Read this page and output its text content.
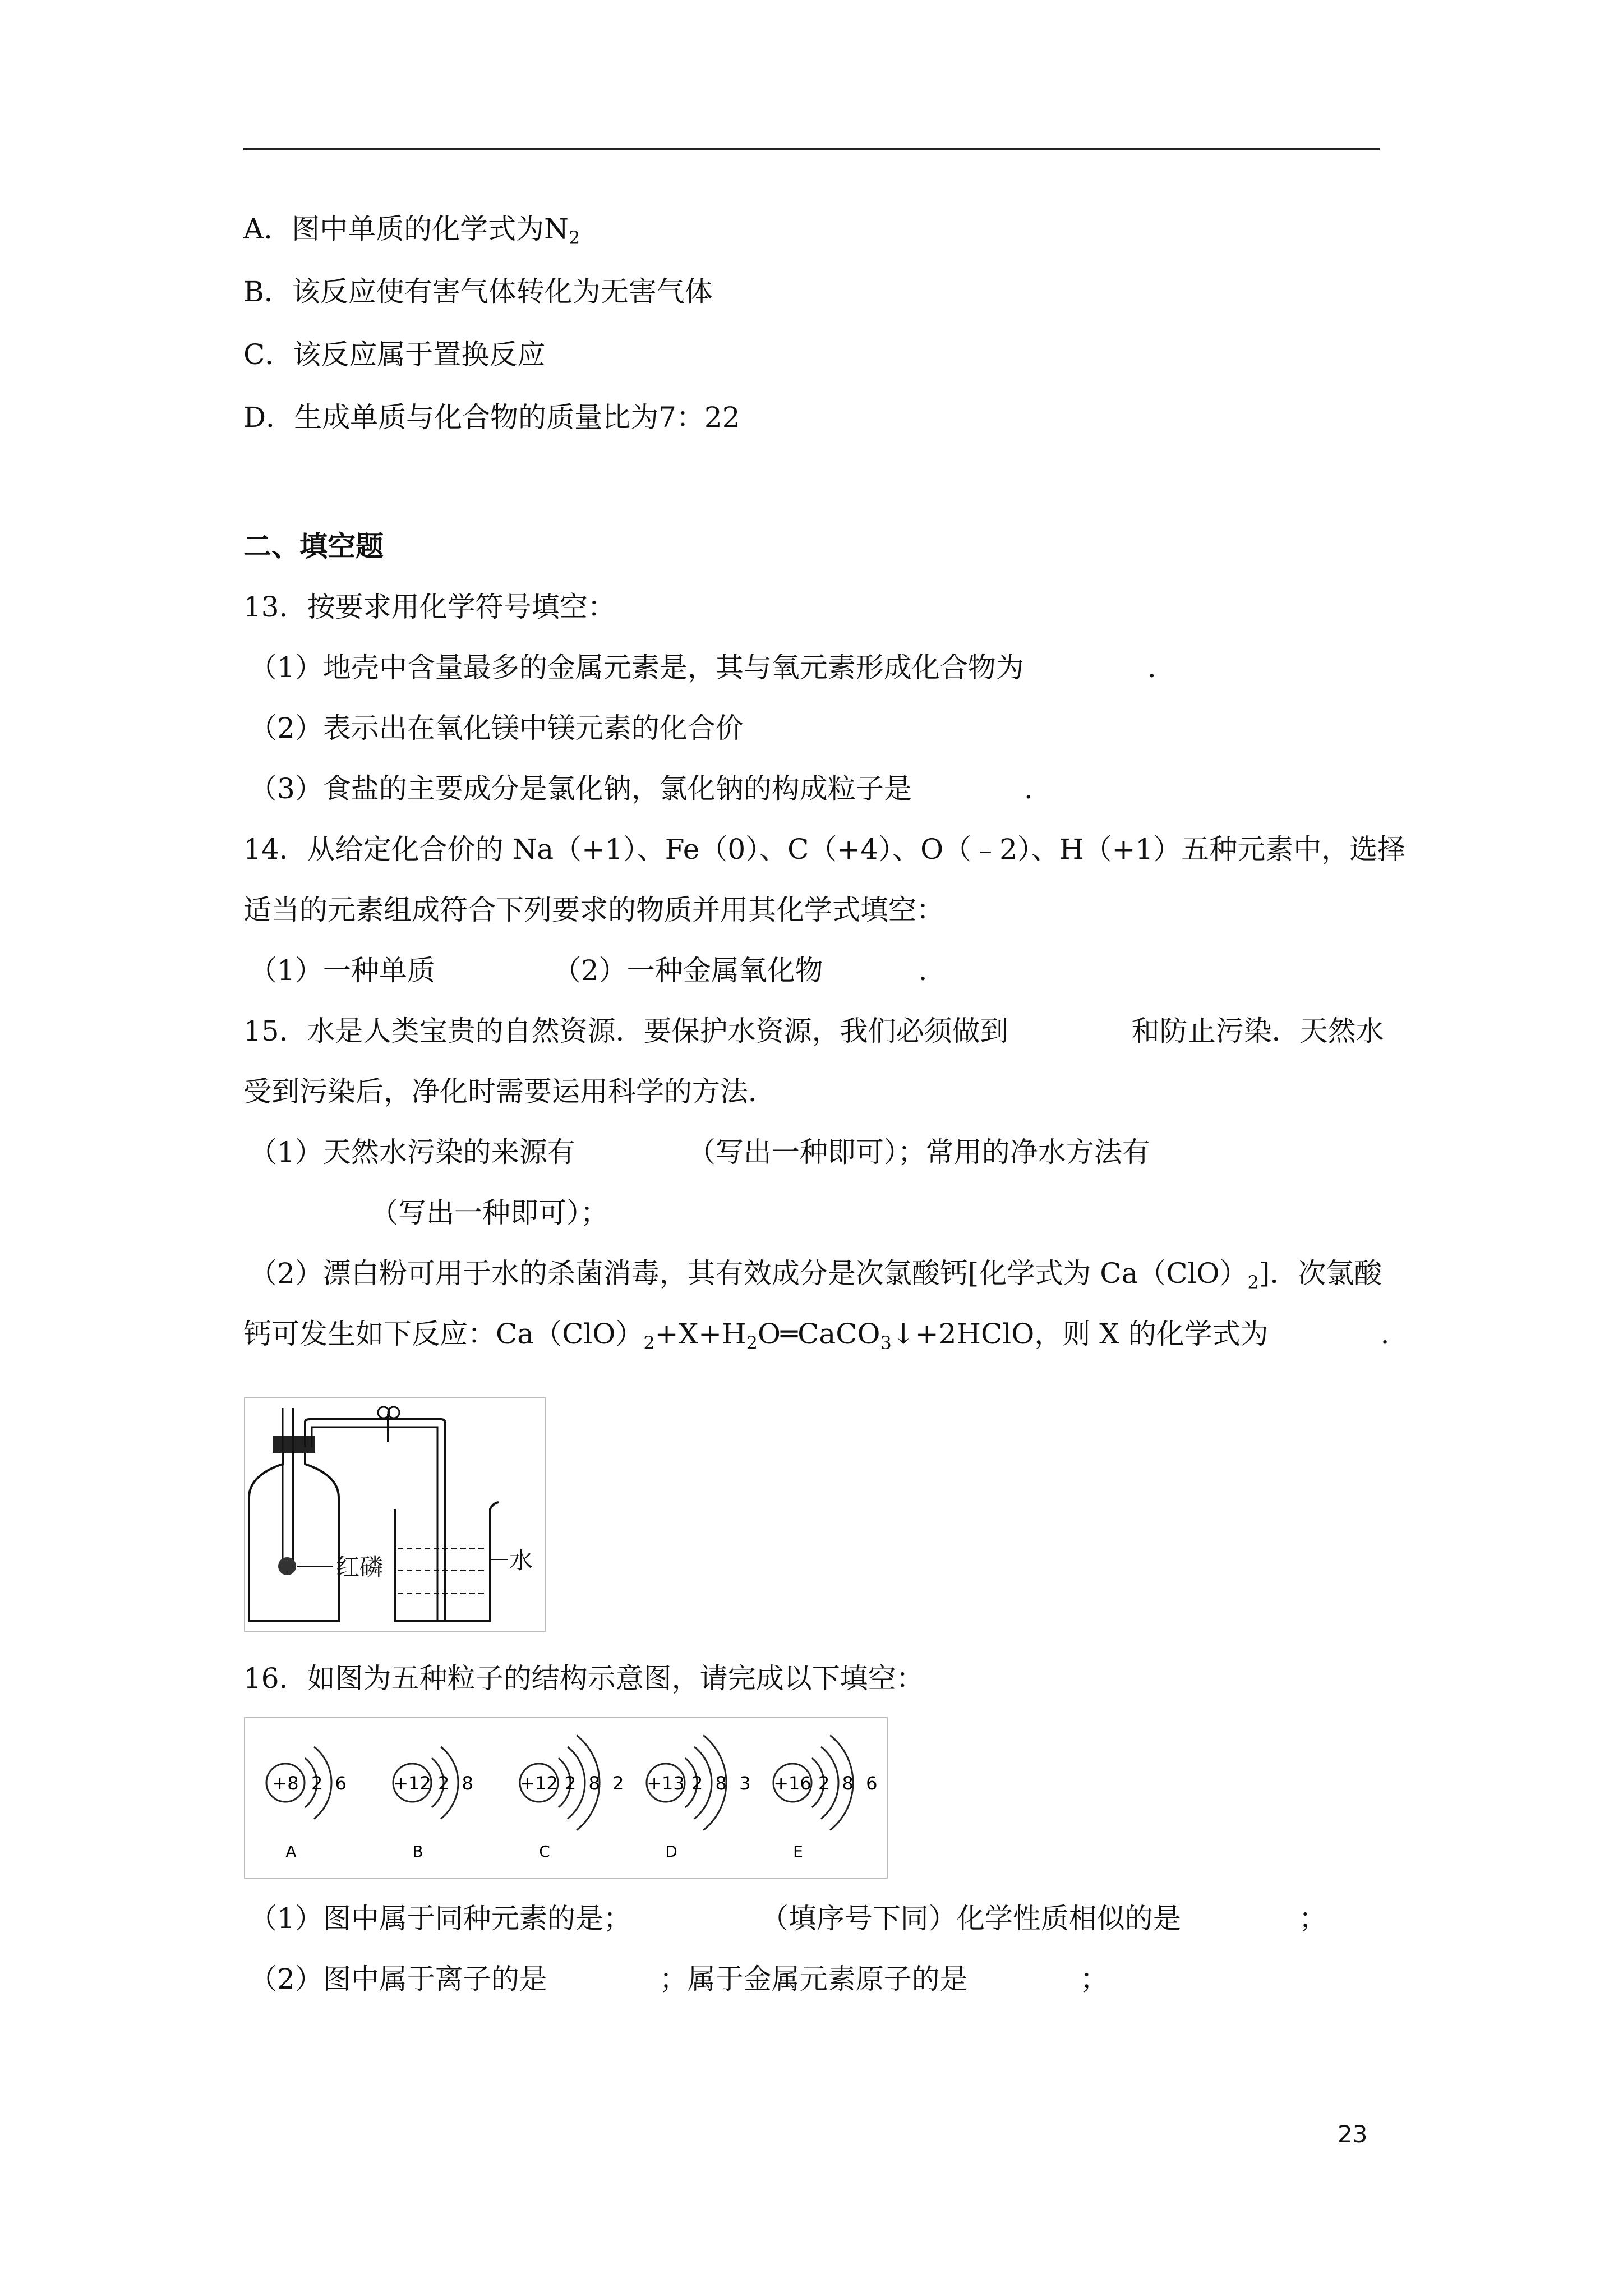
A．图中单质的化学式为$N_2$
B．该反应使有害气体转化为无害气体
C．该反应属于置换反应
D．生成单质与化合物的质量比为7：22
二、填空题
13．按要求用化学符号填空：
（1）地壳中含量最多的金属元素是，其与氧元素形成化合物为	.
（2）表示出在氧化镁中镁元素的化合价
（3）食盐的主要成分是氯化钠，氯化钠的构成粒子是	.
14．从给定化合价的 Na（+1）、Fe（0）、C（+4）、O（﹣2）、H（+1）五种元素中，选择
适当的元素组成符合下列要求的物质并用其化学式填空：
（1）一种单质	（2）一种金属氧化物	.
15．水是人类宝贵的自然资源．要保护水资源，我们必须做到	和防止污染．天然水
受到污染后，净化时需要运用科学的方法．
（1）天然水污染的来源有	（写出一种即可）；常用的净水方法有
（写出一种即可）；
（2）漂白粉可用于水的杀菌消毒，其有效成分是次氯酸钙[化学式为 $Ca(ClO)_2$]．次氯酸
钙可发生如下反应：$Ca(ClO)_2+X+H_2O═CaCO_3↓+2HClO$，则 X 的化学式为	.
红磷	水
16．如图为五种粒子的结构示意图，请完成以下填空：
+8 2 6
A
+12 2 8
B
+12 2 8 2
C
+13 2 8 3
D
+16 2 8 6
E
（1）图中属于同种元素的是；	（填序号下同）化学性质相似的是	；
（2）图中属于离子的是	；属于金属元素原子的是	；
23
